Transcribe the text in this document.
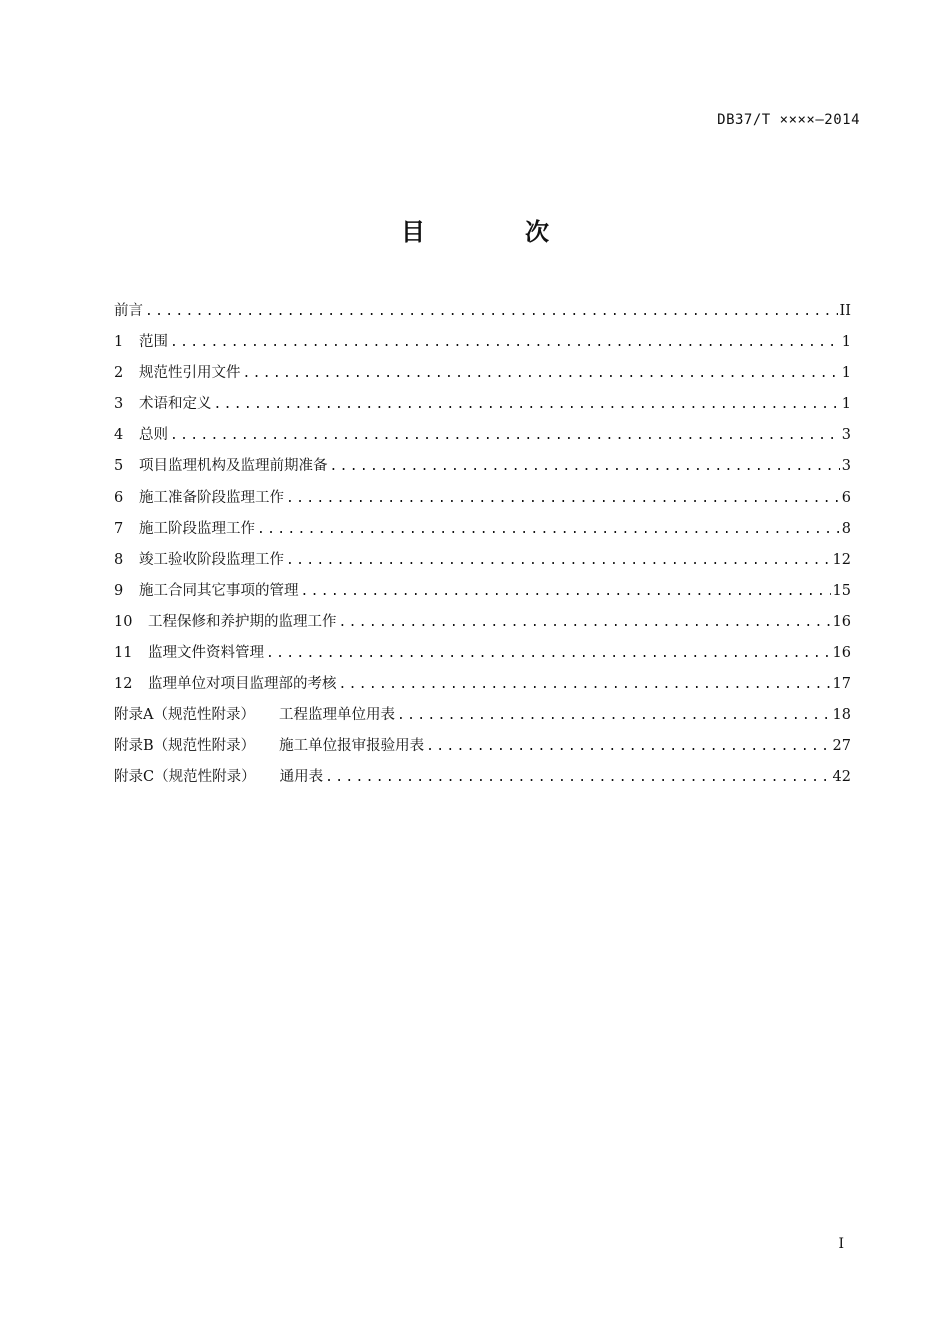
DB37/T ××××—2014
目	次
前言 .....	II
1	范围 .....	1
2	规范性引用文件 .....	1
3	术语和定义 .....	1
4	总则 .....	3
5	项目监理机构及监理前期准备 .....	3
6	施工准备阶段监理工作 .....	6
7	施工阶段监理工作 .....	8
8	竣工验收阶段监理工作 .....	12
9	施工合同其它事项的管理 .....	15
10	工程保修和养护期的监理工作 .....	16
11	监理文件资料管理 .....	16
12	监理单位对项目监理部的考核 .....	17
附录A（规范性附录） 工程监理单位用表 .....	18
附录B（规范性附录） 施工单位报审报验用表 .....	27
附录C（规范性附录） 通用表 .....	42
I
